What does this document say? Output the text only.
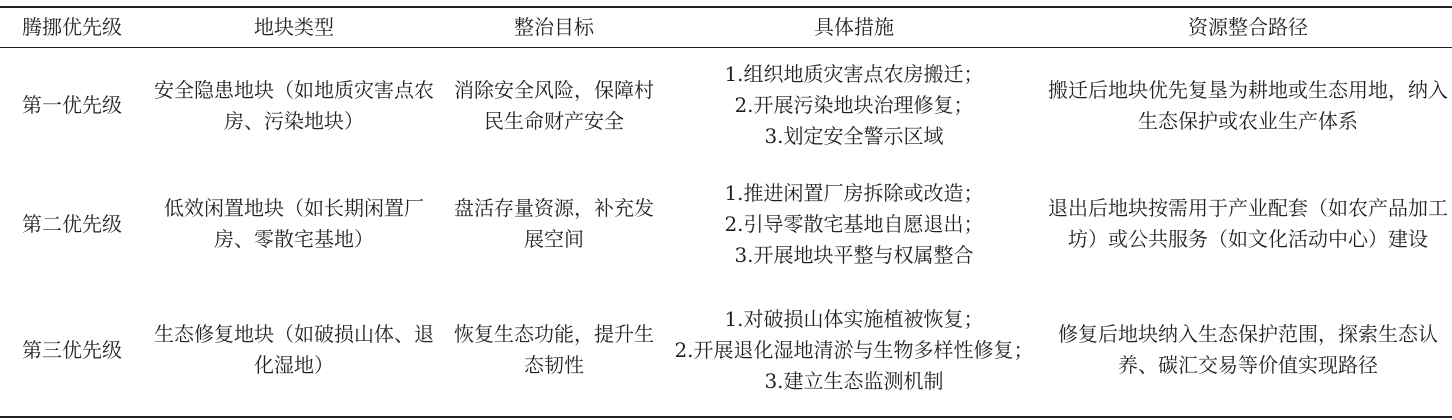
腾挪优先级	地块类型	整治目标	具体措施	资源整合路径
第一优先级	安全隐患地块（如地质灾害点农房、污染地块）	消除安全风险，保障村民生命财产安全	1.组织地质灾害点农房搬迁；
2.开展污染地块治理修复；
3.划定安全警示区域	搬迁后地块优先复垦为耕地或生态用地，纳入生态保护或农业生产体系
第二优先级	低效闲置地块（如长期闲置厂房、零散宅基地）	盘活存量资源，补充发展空间	1.推进闲置厂房拆除或改造；
2.引导零散宅基地自愿退出；
3.开展地块平整与权属整合	退出后地块按需用于产业配套（如农产品加工坊）或公共服务（如文化活动中心）建设
第三优先级	生态修复地块（如破损山体、退化湿地）	恢复生态功能，提升生态韧性	1.对破损山体实施植被恢复；
2.开展退化湿地清淤与生物多样性修复；
3.建立生态监测机制	修复后地块纳入生态保护范围，探索生态认养、碳汇交易等价值实现路径
